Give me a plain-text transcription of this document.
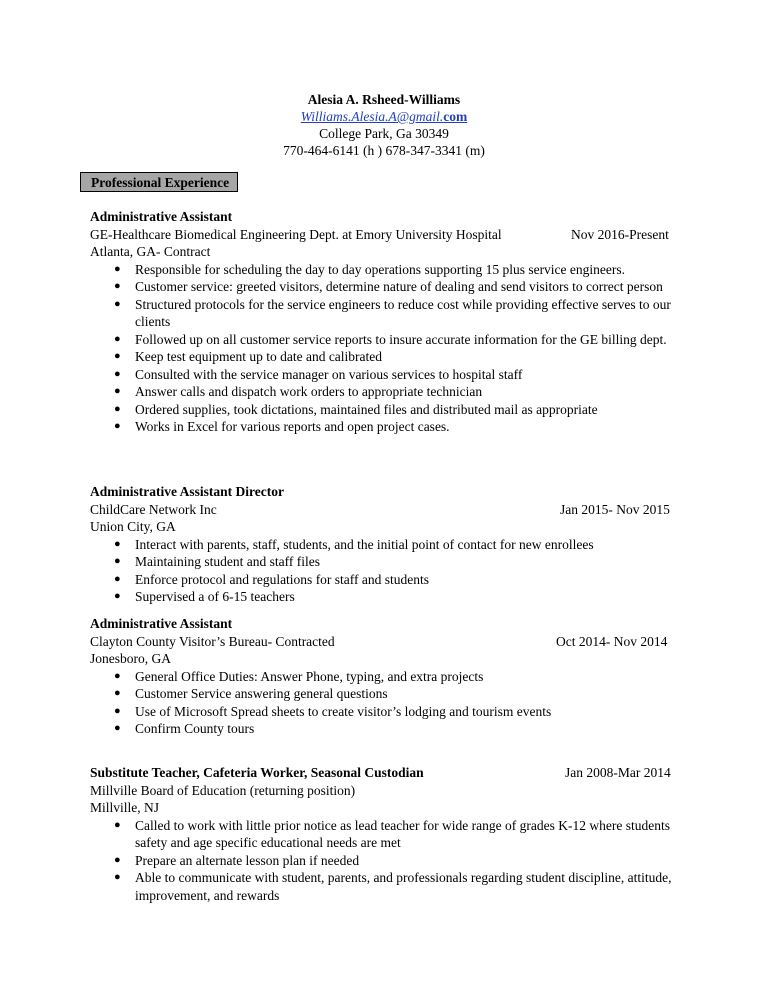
Alesia A. Rsheed-Williams
Williams.Alesia.A@gmail.com
College Park, Ga 30349
770-464-6141 (h ) 678-347-3341 (m)
Professional Experience
Administrative Assistant
GE-Healthcare Biomedical Engineering Dept. at Emory University Hospital	Nov 2016-Present
Atlanta, GA- Contract
● Responsible for scheduling the day to day operations supporting 15 plus service engineers.
● Customer service: greeted visitors, determine nature of dealing and send visitors to correct person
● Structured protocols for the service engineers to reduce cost while providing effective serves to our clients
● Followed up on all customer service reports to insure accurate information for the GE billing dept.
● Keep test equipment up to date and calibrated
● Consulted with the service manager on various services to hospital staff
● Answer calls and dispatch work orders to appropriate technician
● Ordered supplies, took dictations, maintained files and distributed mail as appropriate
● Works in Excel for various reports and open project cases.
Administrative Assistant Director
ChildCare Network Inc	Jan 2015- Nov 2015
Union City, GA
● Interact with parents, staff, students, and the initial point of contact for new enrollees
● Maintaining student and staff files
● Enforce protocol and regulations for staff and students
● Supervised a of 6-15 teachers
Administrative Assistant
Clayton County Visitor’s Bureau- Contracted	Oct 2014- Nov 2014
Jonesboro, GA
● General Office Duties: Answer Phone, typing, and extra projects
● Customer Service answering general questions
● Use of Microsoft Spread sheets to create visitor’s lodging and tourism events
● Confirm County tours
Substitute Teacher, Cafeteria Worker, Seasonal Custodian	Jan 2008-Mar 2014
Millville Board of Education (returning position)
Millville, NJ
● Called to work with little prior notice as lead teacher for wide range of grades K-12 where students safety and age specific educational needs are met
● Prepare an alternate lesson plan if needed
● Able to communicate with student, parents, and professionals regarding student discipline, attitude, improvement, and rewards
